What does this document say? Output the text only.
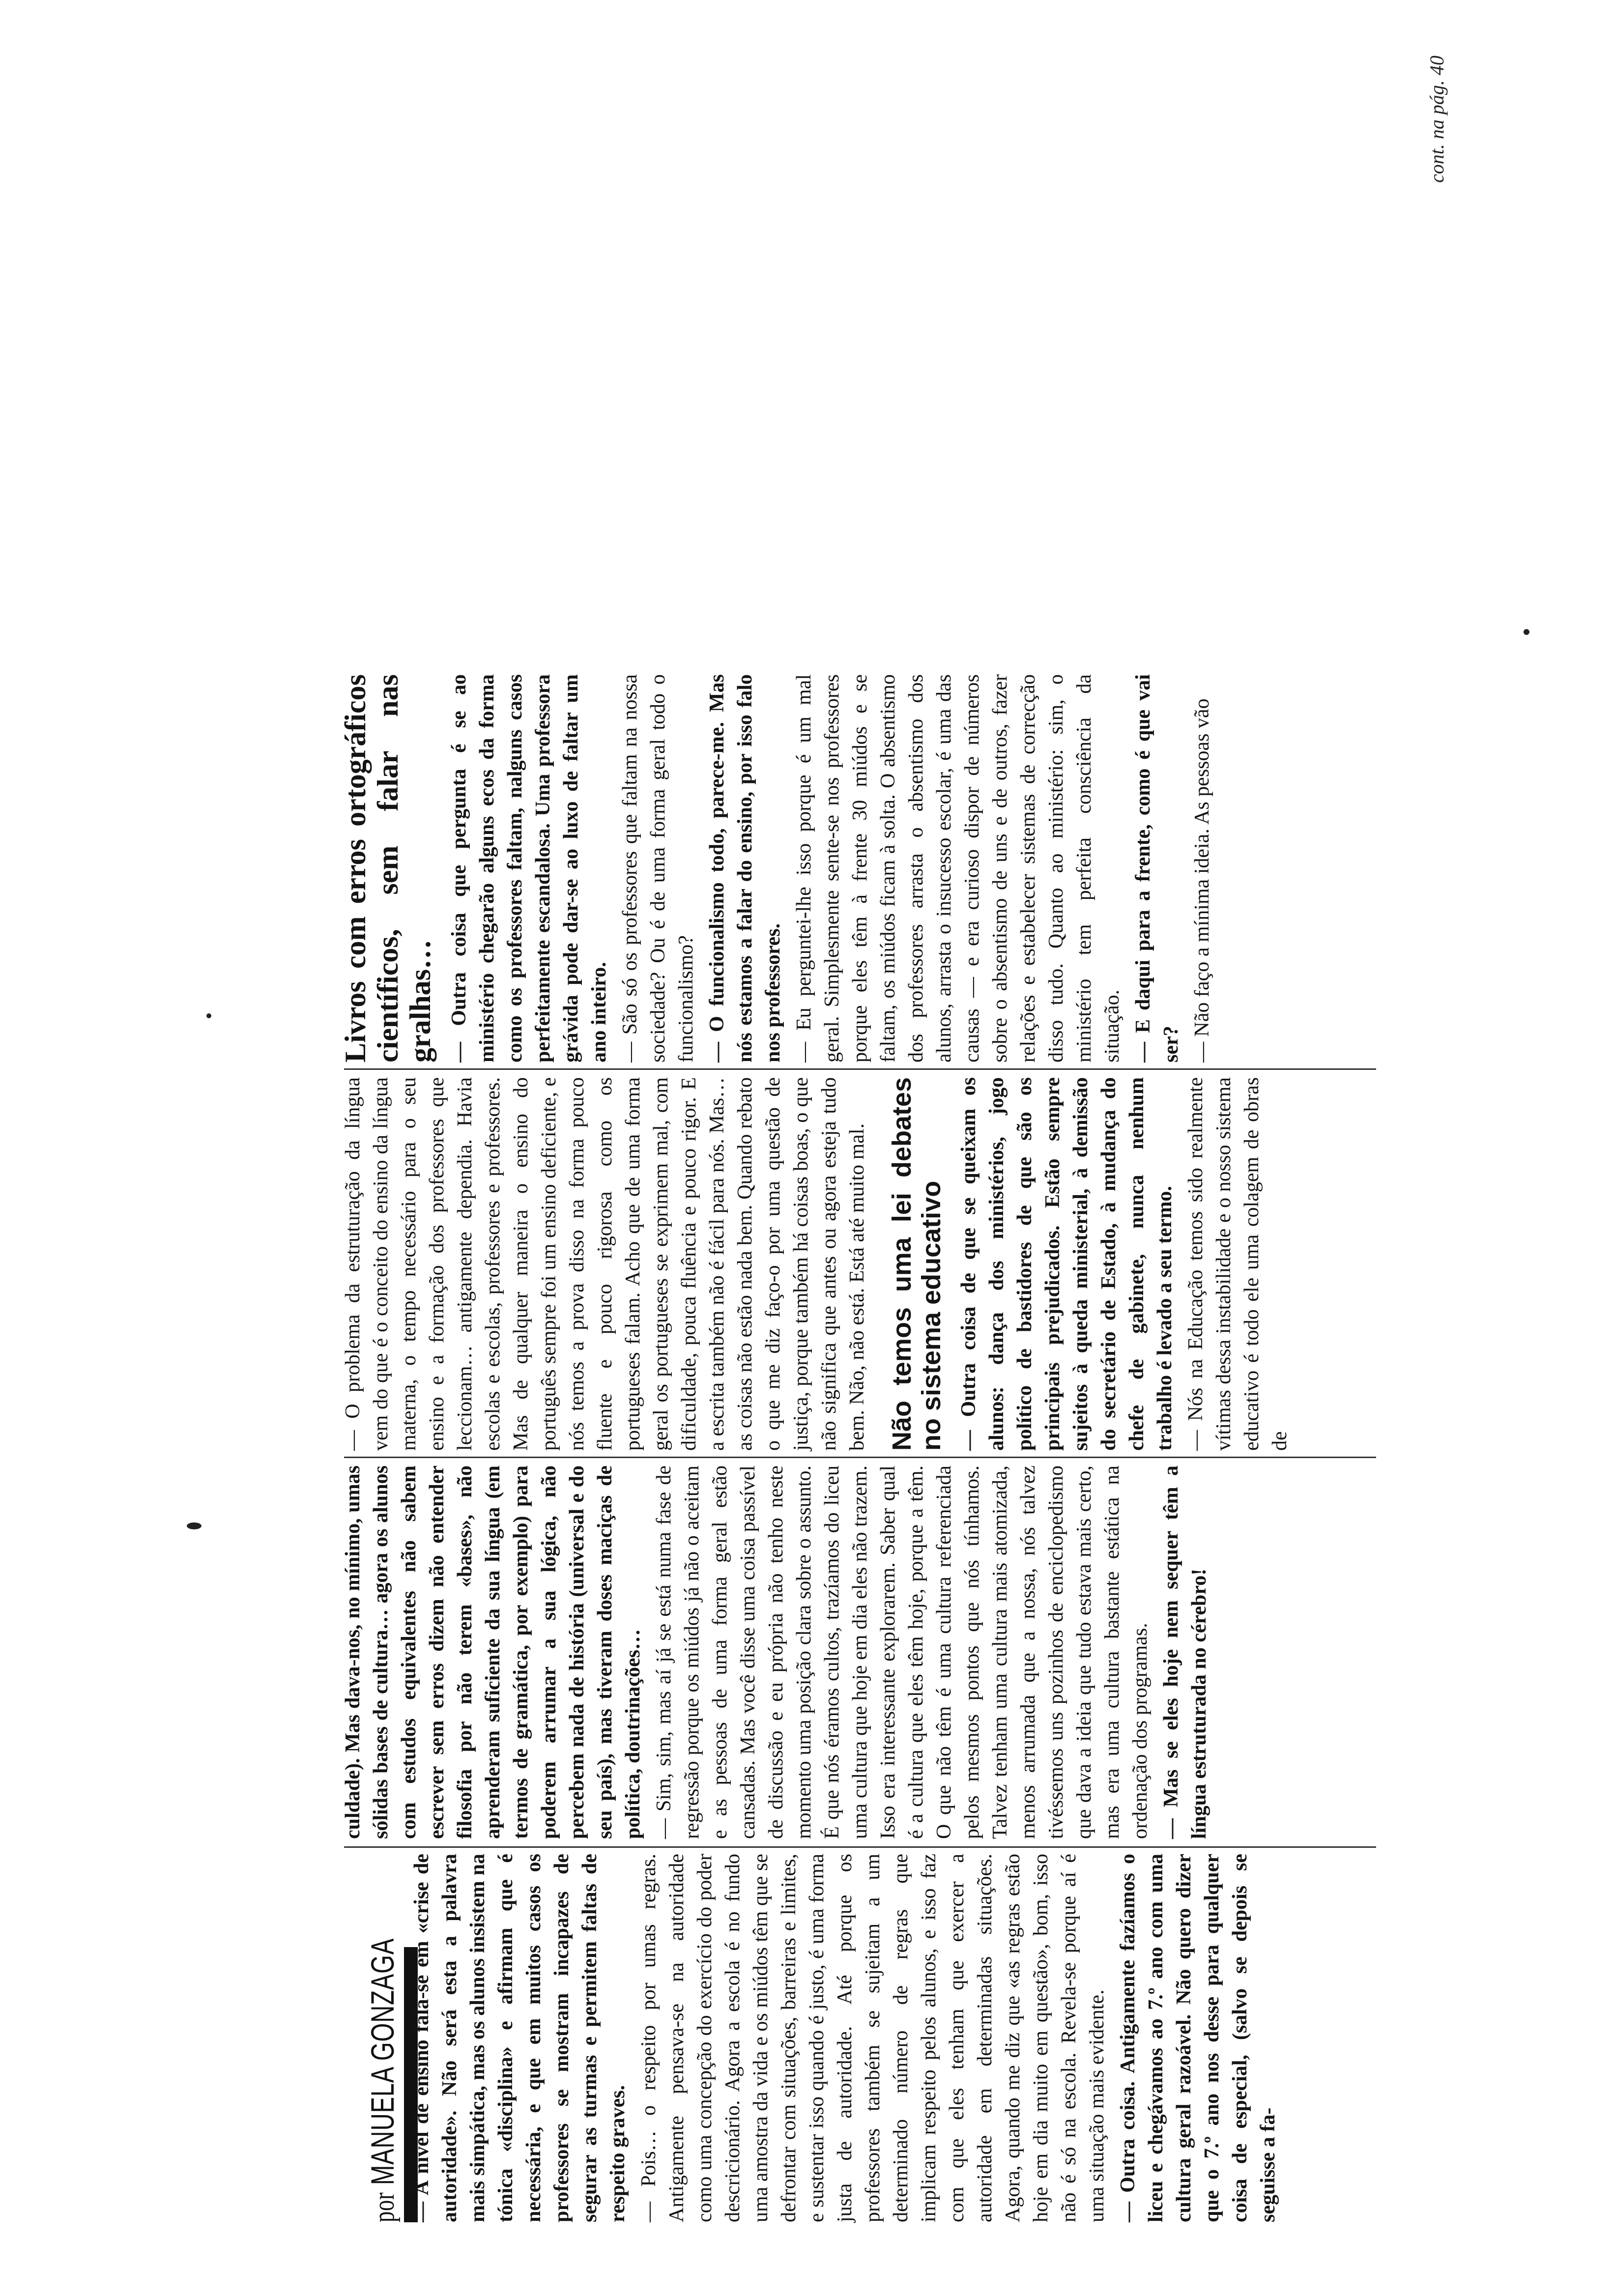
por MANUELA GONZAGA — A nível de ensino fala-se em «crise de autoridade». Não será esta a palavra mais simpática, mas os alunos insistem na tónica «disciplina» e afirmam que é necessária, e que em muitos casos os professores se mostram incapazes de segurar as turmas e permitem faltas de respeito graves. — Pois… o respeito por umas regras. Antigamente pensava-se na autoridade como uma concepção do exercício do poder descricionário. Agora a escola é no fundo uma amostra da vida e os miúdos têm que se defrontar com situações, barreiras e limites, e sustentar isso quando é justo, é uma forma justa de autoridade. Até porque os professores também se sujeitam a um determinado número de regras que implicam respeito pelos alunos, e isso faz com que eles tenham que exercer a autoridade em determinadas situações. Agora, quando me diz que «as regras estão hoje em dia muito em questão», bom, isso não é só na escola. Revela-se porque aí é uma situação mais evidente. — Outra coisa. Antigamente fazíamos o liceu e chegávamos ao 7.º ano com uma cultura geral razoável. Não quero dizer que o 7.º ano nos desse para qualquer coisa de especial, (salvo se depois se seguisse a fa-

culdade). Mas dava-nos, no mínimo, umas sólidas bases de cultura… agora os alunos com estudos equivalentes não sabem escrever sem erros dizem não entender filosofia por não terem «bases», não aprenderam suficiente da sua língua (em termos de gramática, por exemplo) para poderem arrumar a sua lógica, não percebem nada de história (universal e do seu país), mas tiveram doses maciças de política, doutrinações… — Sim, sim, mas aí já se está numa fase de regressão porque os miúdos já não o aceitam e as pessoas de uma forma geral estão cansadas. Mas você disse uma coisa passível de discussão e eu própria não tenho neste momento uma posição clara sobre o assunto. É que nós éramos cultos, trazíamos do liceu uma cultura que hoje em dia eles não trazem. Isso era interessante explorarem. Saber qual é a cultura que eles têm hoje, porque a têm. O que não têm é uma cultura referenciada pelos mesmos pontos que nós tínhamos. Talvez tenham uma cultura mais atomizada, menos arrumada que a nossa, nós talvez tivéssemos uns pozinhos de enciclopedismo que dava a ideia que tudo estava mais certo, mas era uma cultura bastante estática na ordenação dos programas. — Mas se eles hoje nem sequer têm a língua estruturada no cérebro!

— O problema da estruturação da língua vem do que é o conceito do ensino da língua materna, o tempo necessário para o seu ensino e a formação dos professores que leccionam… antigamente dependia. Havia escolas e escolas, professores e professores. Mas de qualquer maneira o ensino do português sempre foi um ensino deficiente, e nós temos a prova disso na forma pouco fluente e pouco rigorosa como os portugueses falam. Acho que de uma forma geral os portugueses se exprimem mal, com dificuldade, pouca fluência e pouco rigor. E a escrita também não é fácil para nós. Mas… as coisas não estão nada bem. Quando rebato o que me diz faço-o por uma questão de justiça, porque também há coisas boas, o que não significa que antes ou agora esteja tudo bem. Não, não está. Está até muito mal. Não temos uma lei debates no sistema educativo — Outra coisa de que se queixam os alunos: dança dos ministérios, jogo político de bastidores de que são os principais prejudicados. Estão sempre sujeitos à queda ministerial, à demissão do secretário de Estado, à mudança do chefe de gabinete, nunca nenhum trabalho é levado a seu termo. — Nós na Educação temos sido realmente vítimas dessa instabilidade e o nosso sistema educativo é todo ele uma colagem de obras de

Livros com erros ortográficos científicos, sem falar nas gralhas… — Outra coisa que pergunta é se ao ministério chegarão alguns ecos da forma como os professores faltam, nalguns casos perfeitamente escandalosa. Uma professora grávida pode dar-se ao luxo de faltar um ano inteiro. — São só os professores que faltam na nossa sociedade? Ou é de uma forma geral todo o funcionalismo? — O funcionalismo todo, parece-me. Mas nós estamos a falar do ensino, por isso falo nos professores. — Eu perguntei-lhe isso porque é um mal geral. Simplesmente sente-se nos professores porque eles têm à frente 30 miúdos e se faltam, os miúdos ficam à solta. O absentismo dos professores arrasta o absentismo dos alunos, arrasta o insucesso escolar, é uma das causas — e era curioso dispor de números sobre o absentismo de uns e de outros, fazer relações e estabelecer sistemas de correcção disso tudo. Quanto ao ministério: sim, o ministério tem perfeita consciência da situação. — E daqui para a frente, como é que vai ser? — Não faço a mínima ideia. As pessoas vão

cont. na pág. 40
